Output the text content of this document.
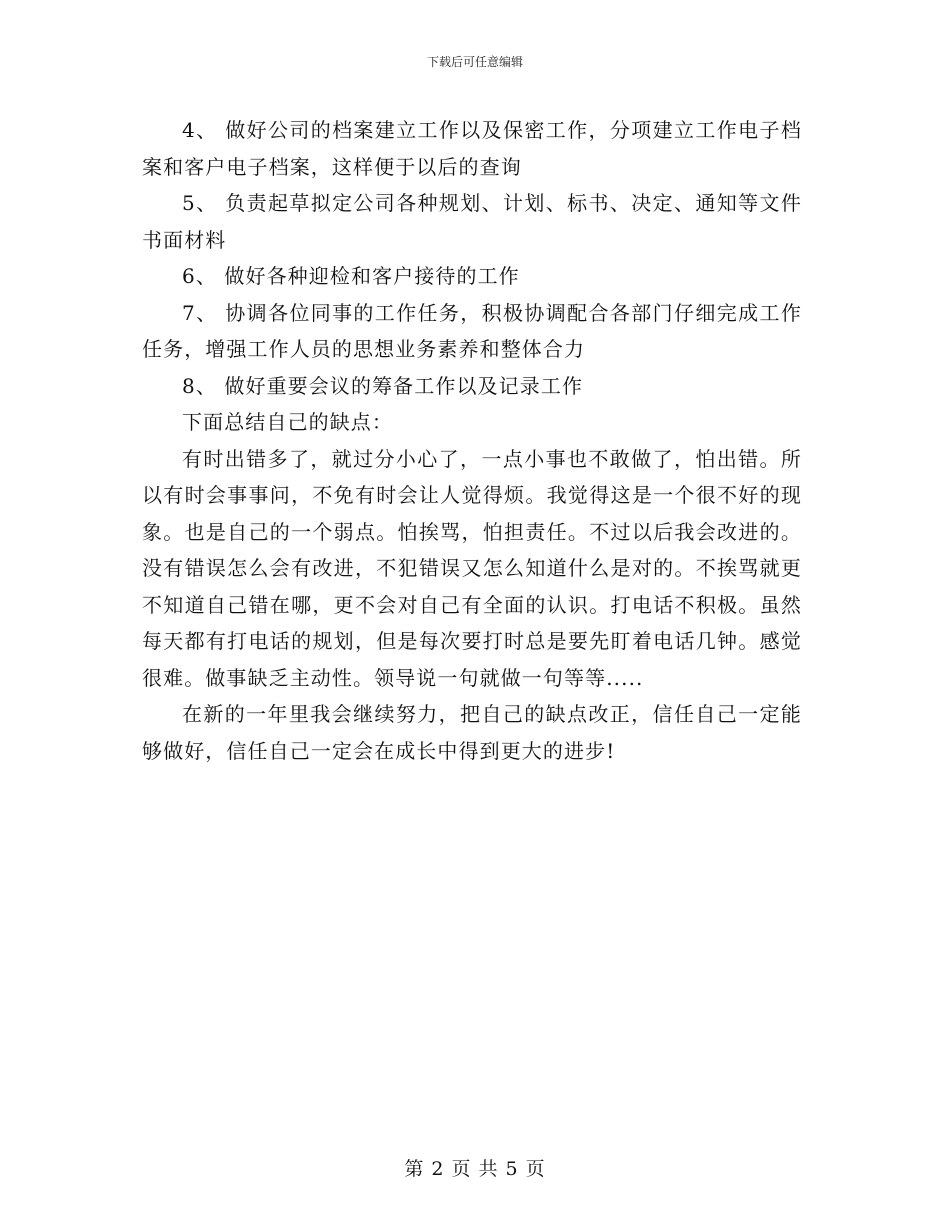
下载后可任意编辑

4、 做好公司的档案建立工作以及保密工作，分项建立工作电子档案和客户电子档案，这样便于以后的查询

5、 负责起草拟定公司各种规划、计划、标书、决定、通知等文件书面材料

6、 做好各种迎检和客户接待的工作

7、 协调各位同事的工作任务，积极协调配合各部门仔细完成工作任务，增强工作人员的思想业务素养和整体合力

8、 做好重要会议的筹备工作以及记录工作

下面总结自己的缺点：

有时出错多了，就过分小心了，一点小事也不敢做了，怕出错。所以有时会事事问，不免有时会让人觉得烦。我觉得这是一个很不好的现象。也是自己的一个弱点。怕挨骂，怕担责任。不过以后我会改进的。没有错误怎么会有改进，不犯错误又怎么知道什么是对的。不挨骂就更不知道自己错在哪，更不会对自己有全面的认识。打电话不积极。虽然每天都有打电话的规划，但是每次要打时总是要先盯着电话几钟。感觉很难。做事缺乏主动性。领导说一句就做一句等等.....

在新的一年里我会继续努力，把自己的缺点改正，信任自己一定能够做好，信任自己一定会在成长中得到更大的进步!

第 2 页 共 5 页
